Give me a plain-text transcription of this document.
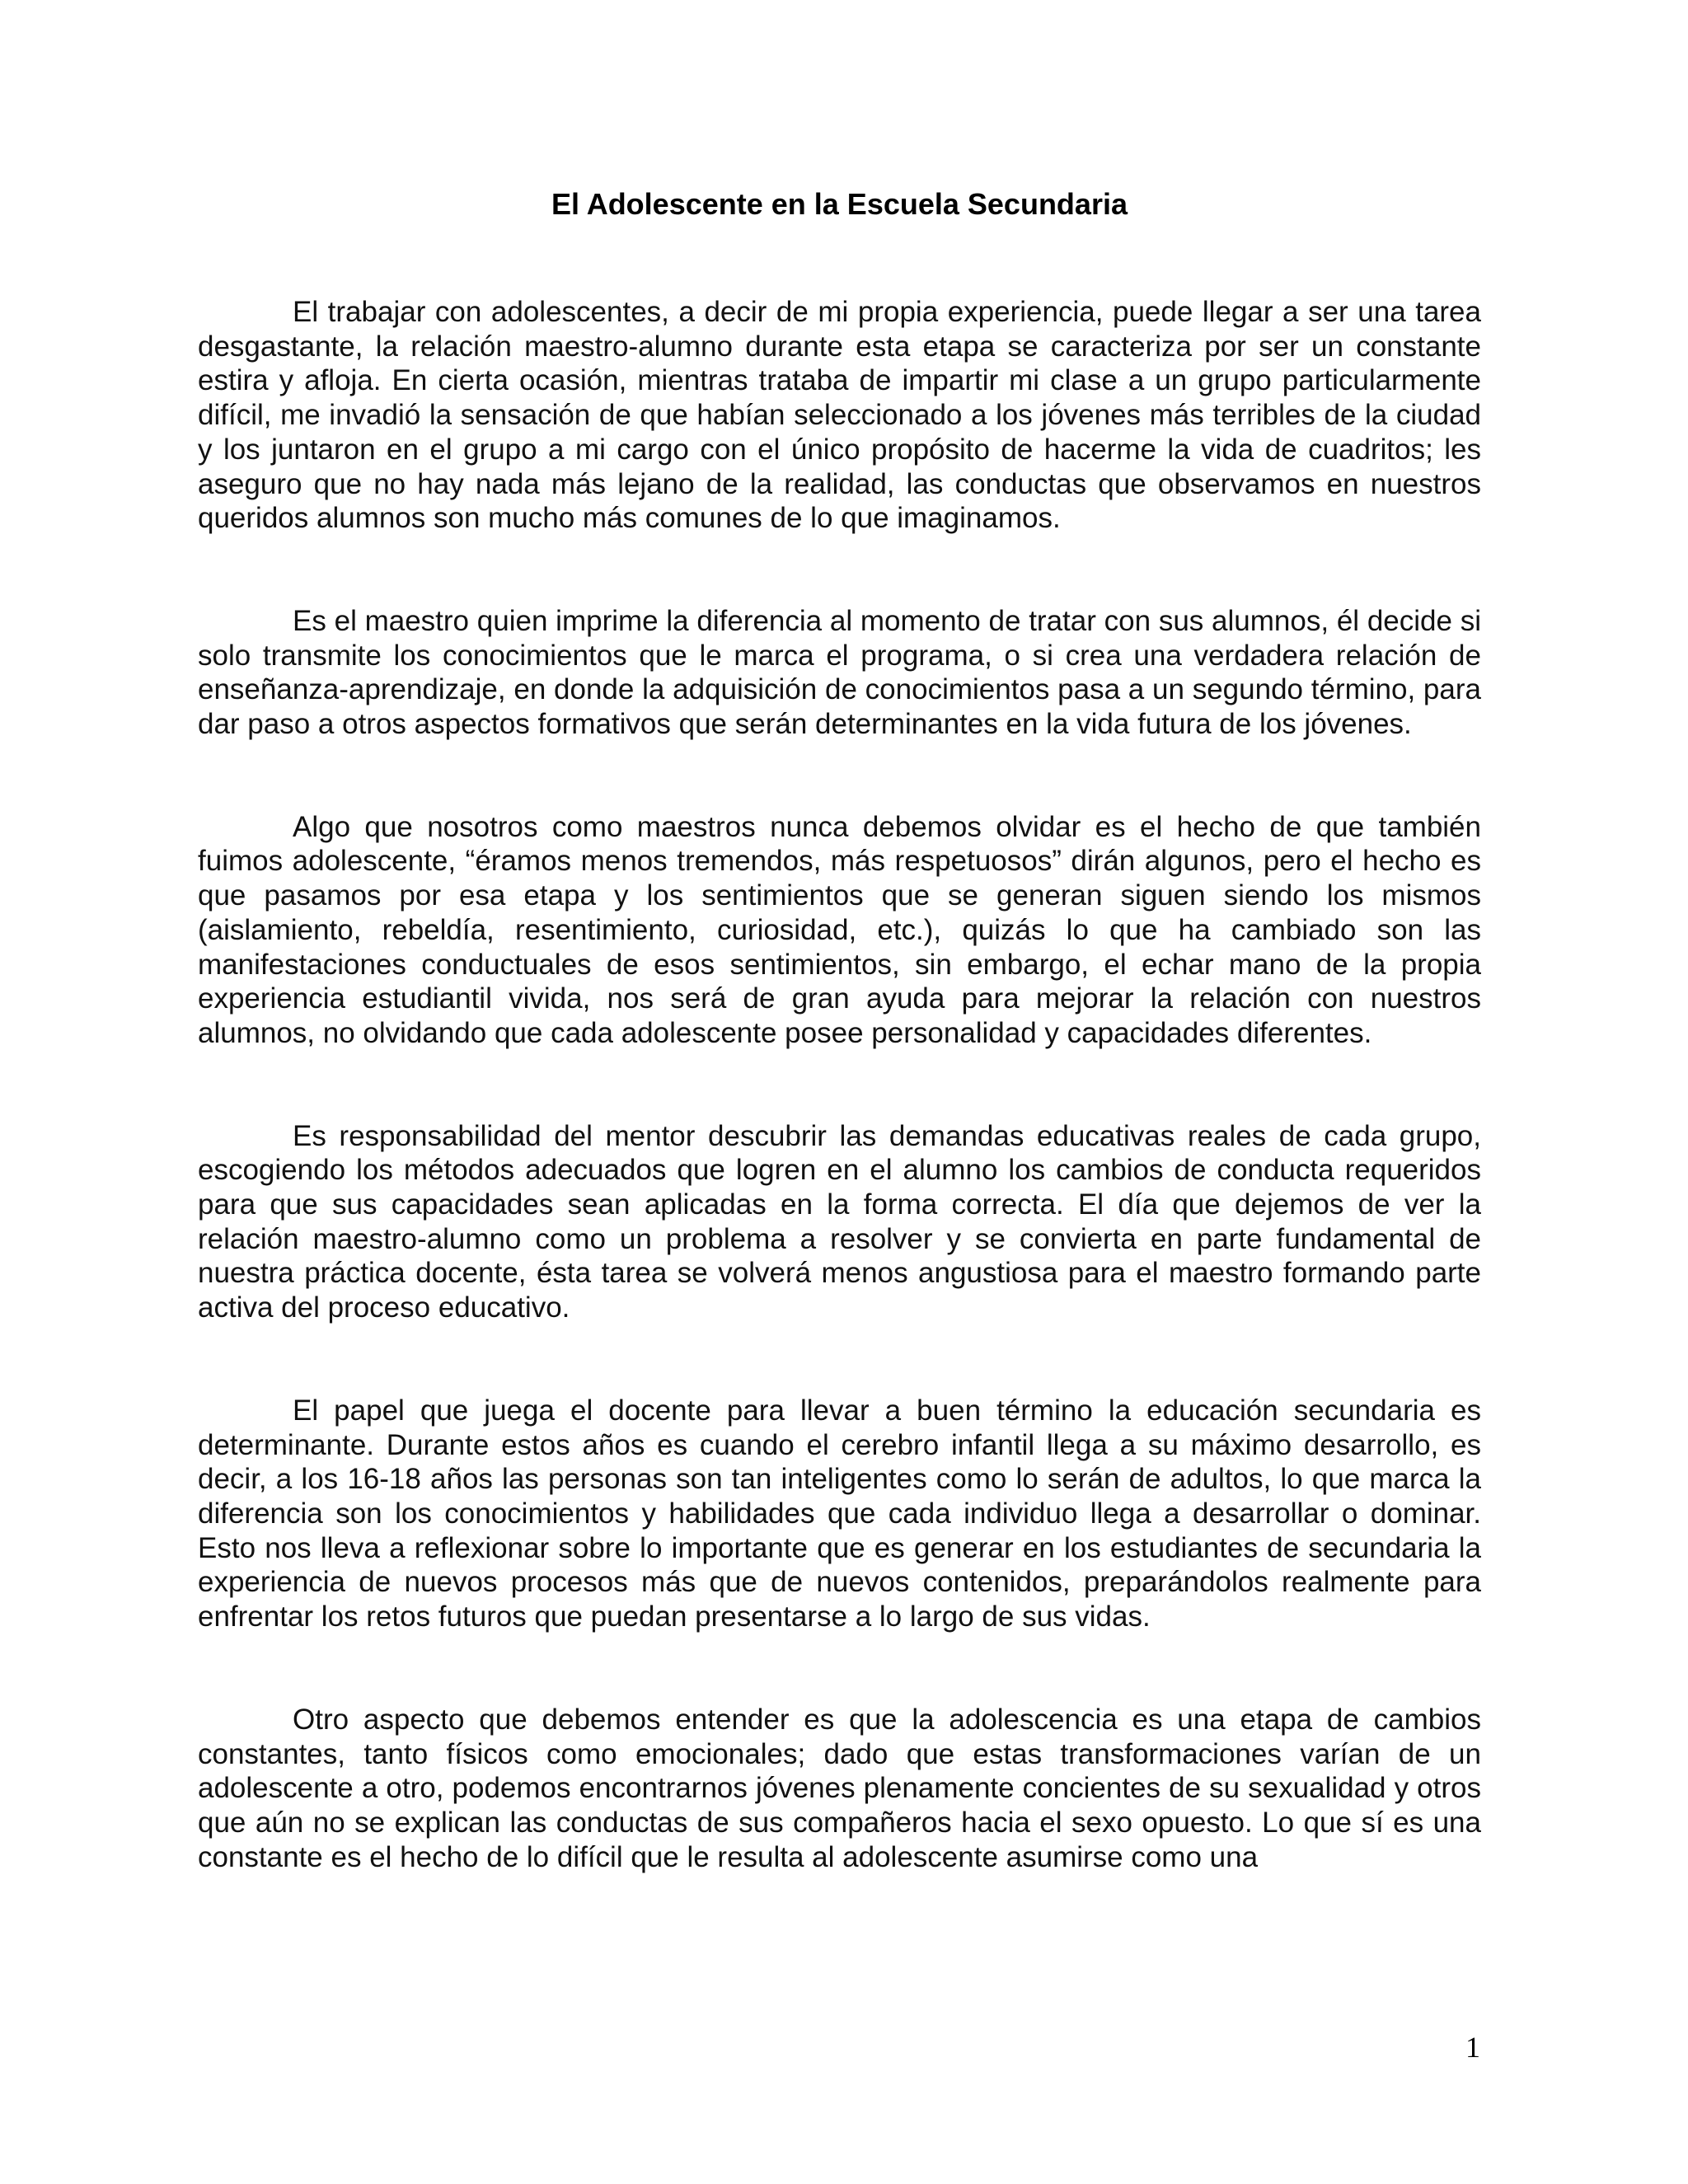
El Adolescente en la Escuela Secundaria

El trabajar con adolescentes, a decir de mi propia experiencia, puede llegar a ser una tarea desgastante, la relación maestro-alumno durante esta etapa se caracteriza por ser un constante estira y afloja. En cierta ocasión, mientras trataba de impartir mi clase a un grupo particularmente difícil, me invadió la sensación de que habían seleccionado a los jóvenes más terribles de la ciudad y los juntaron en el grupo a mi cargo con el único propósito de hacerme la vida de cuadritos; les aseguro que no hay nada más lejano de la realidad, las conductas que observamos en nuestros queridos alumnos son mucho más comunes de lo que imaginamos.

Es el maestro quien imprime la diferencia al momento de tratar con sus alumnos, él decide si solo transmite los conocimientos que le marca el programa, o si crea una verdadera relación de enseñanza-aprendizaje, en donde la adquisición de conocimientos pasa a un segundo término, para dar paso a otros aspectos formativos que serán determinantes en la vida futura de los jóvenes.

Algo que nosotros como maestros nunca debemos olvidar es el hecho de que también fuimos adolescente, “éramos menos tremendos, más respetuosos” dirán algunos, pero el hecho es que pasamos por esa etapa y los sentimientos que se generan siguen siendo los mismos (aislamiento, rebeldía, resentimiento, curiosidad, etc.), quizás lo que ha cambiado son las manifestaciones conductuales de esos sentimientos, sin embargo, el echar mano de la propia experiencia estudiantil vivida, nos será de gran ayuda para mejorar la relación con nuestros alumnos, no olvidando que cada adolescente posee personalidad y capacidades diferentes.

Es responsabilidad del mentor descubrir las demandas educativas reales de cada grupo, escogiendo los métodos adecuados que logren en el alumno los cambios de conducta requeridos para que sus capacidades sean aplicadas en la forma correcta. El día que dejemos de ver la relación maestro-alumno como un problema a resolver y se convierta en parte fundamental de nuestra práctica docente, ésta tarea se volverá menos angustiosa para el maestro formando parte activa del proceso educativo.

El papel que juega el docente para llevar a buen término la educación secundaria es determinante. Durante estos años es cuando el cerebro infantil llega a su máximo desarrollo, es decir, a los 16-18 años las personas son tan inteligentes como lo serán de adultos, lo que marca la diferencia son los conocimientos y habilidades que cada individuo llega a desarrollar o dominar. Esto nos lleva a reflexionar sobre lo importante que es generar en los estudiantes de secundaria la experiencia de nuevos procesos más que de nuevos contenidos, preparándolos realmente para enfrentar los retos futuros que puedan presentarse a lo largo de sus vidas.

Otro aspecto que debemos entender es que la adolescencia es una etapa de cambios constantes, tanto físicos como emocionales; dado que estas transformaciones varían de un adolescente a otro, podemos encontrarnos jóvenes plenamente concientes de su sexualidad y otros que aún no se explican las conductas de sus compañeros hacia el sexo opuesto. Lo que sí es una constante es el hecho de lo difícil que le resulta al adolescente asumirse como una

1
